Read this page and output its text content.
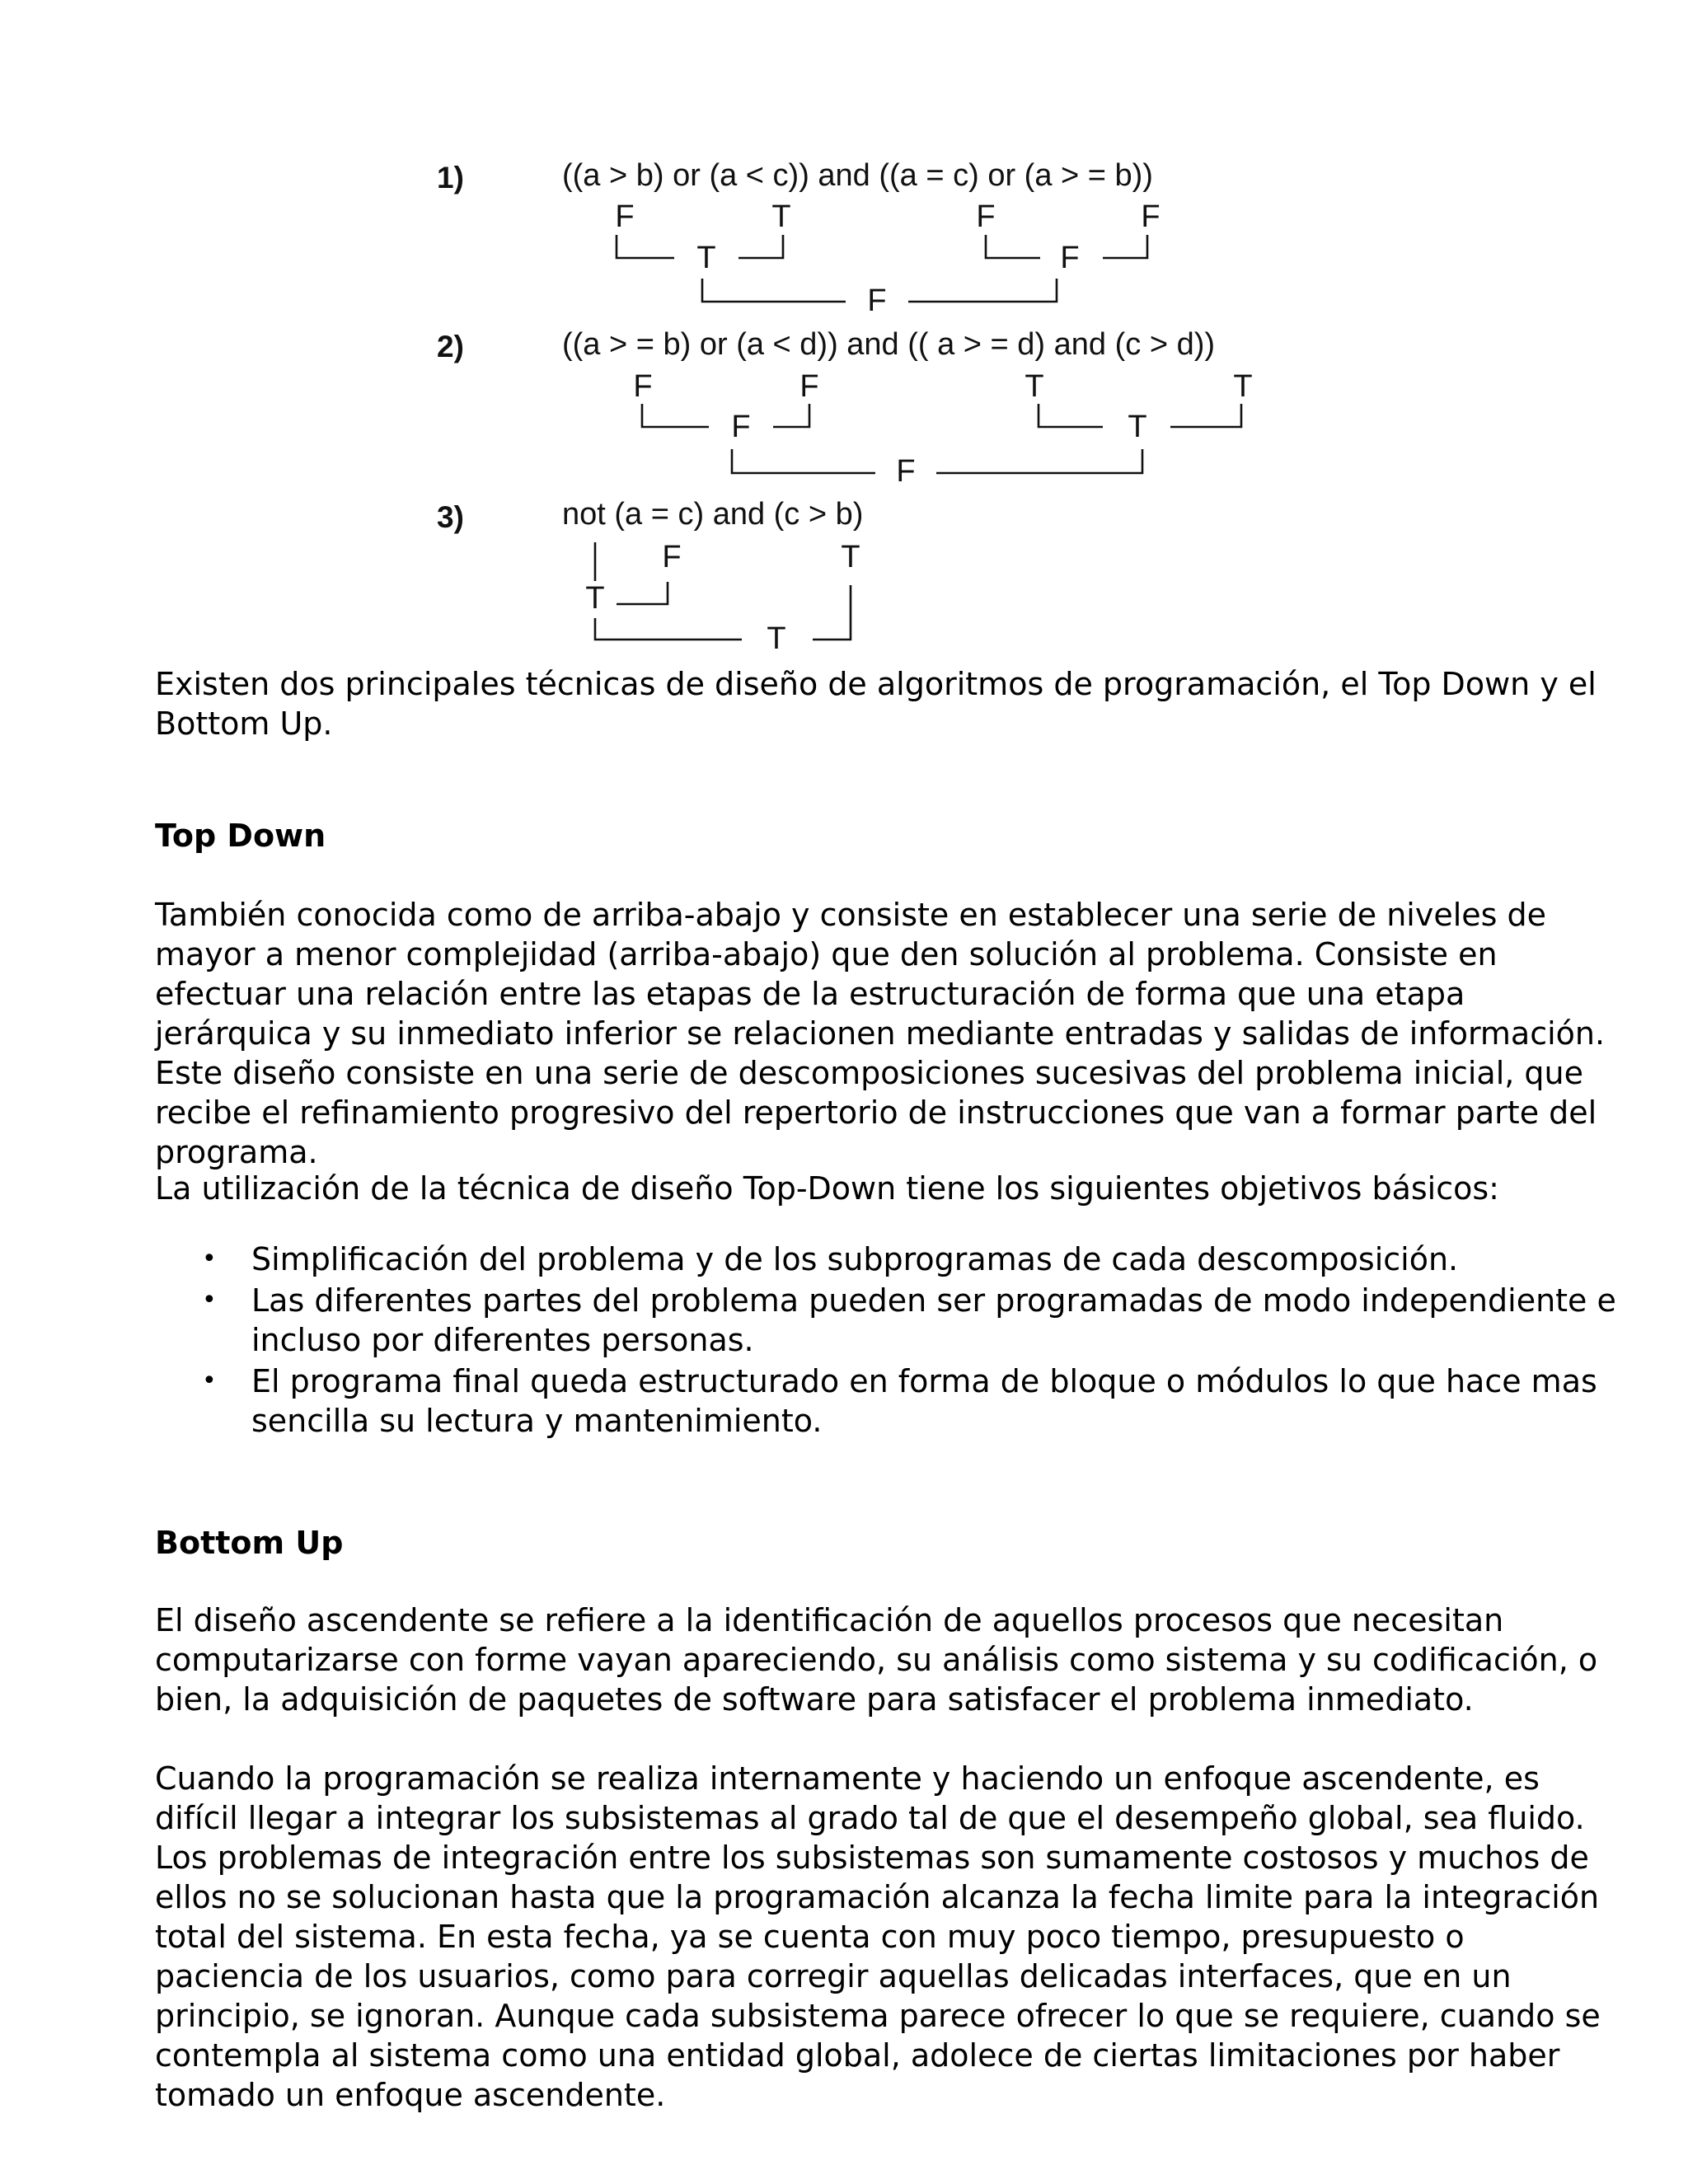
1)	((a > b) or (a < c)) and ((a = c) or (a > = b))
F	T	F	F
T	F
F
2)	((a > = b) or (a < d)) and (( a > = d) and (c > d))
F	F	T	T
F	T
F
3)	not (a = c) and (c > b)
F	T
T
T

Existen dos principales técnicas de diseño de algoritmos de programación, el Top Down y el Bottom Up.

Top Down

También conocida como de arriba-abajo y consiste en establecer una serie de niveles de mayor a menor complejidad (arriba-abajo) que den solución al problema. Consiste en efectuar una relación entre las etapas de la estructuración de forma que una etapa jerárquica y su inmediato inferior se relacionen mediante entradas y salidas de información. Este diseño consiste en una serie de descomposiciones sucesivas del problema inicial, que recibe el refinamiento progresivo del repertorio de instrucciones que van a formar parte del programa.

La utilización de la técnica de diseño Top-Down tiene los siguientes objetivos básicos:

• Simplificación del problema y de los subprogramas de cada descomposición.
• Las diferentes partes del problema pueden ser programadas de modo independiente e incluso por diferentes personas.
• El programa final queda estructurado en forma de bloque o módulos lo que hace mas sencilla su lectura y mantenimiento.
Bottom Up

El diseño ascendente se refiere a la identificación de aquellos procesos que necesitan computarizarse con forme vayan apareciendo, su análisis como sistema y su codificación, o bien, la adquisición de paquetes de software para satisfacer el problema inmediato.

Cuando la programación se realiza internamente y haciendo un enfoque ascendente, es difícil llegar a integrar los subsistemas al grado tal de que el desempeño global, sea fluido. Los problemas de integración entre los subsistemas son sumamente costosos y muchos de ellos no se solucionan hasta que la programación alcanza la fecha limite para la integración total del sistema. En esta fecha, ya se cuenta con muy poco tiempo, presupuesto o paciencia de los usuarios, como para corregir aquellas delicadas interfaces, que en un principio, se ignoran. Aunque cada subsistema parece ofrecer lo que se requiere, cuando se contempla al sistema como una entidad global, adolece de ciertas limitaciones por haber tomado un enfoque ascendente.
